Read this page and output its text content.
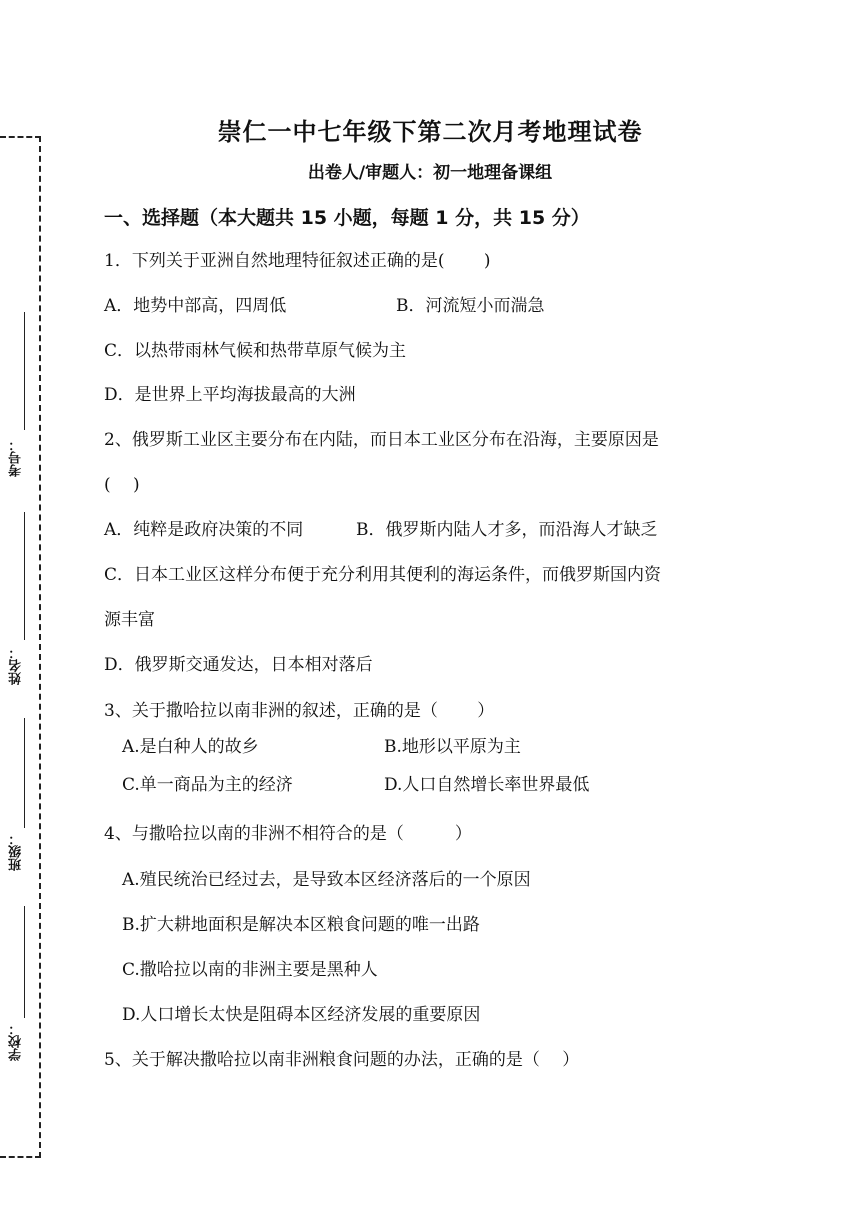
考号：
姓名：
班级：
学校：
崇仁一中七年级下第二次月考地理试卷
出卷人/审题人：初一地理备课组
一、选择题（本大题共 15 小题，每题 1 分，共 15 分）
1．下列关于亚洲自然地理特征叙述正确的是(　　 )
A．地势中部高，四周低	B．河流短小而湍急
C．以热带雨林气候和热带草原气候为主
D．是世界上平均海拔最高的大洲
2、俄罗斯工业区主要分布在内陆，而日本工业区分布在沿海，主要原因是
(　 )
A．纯粹是政府决策的不同	B．俄罗斯内陆人才多，而沿海人才缺乏
C．日本工业区这样分布便于充分利用其便利的海运条件，而俄罗斯国内资
源丰富
D．俄罗斯交通发达，日本相对落后
3、关于撒哈拉以南非洲的叙述，正确的是（　　 ）
A.是白种人的故乡	B.地形以平原为主
C.单一商品为主的经济	D.人口自然增长率世界最低
4、与撒哈拉以南的非洲不相符合的是（　　　）
A.殖民统治已经过去，是导致本区经济落后的一个原因
B.扩大耕地面积是解决本区粮食问题的唯一出路
C.撒哈拉以南的非洲主要是黑种人
D.人口增长太快是阻碍本区经济发展的重要原因
5、关于解决撒哈拉以南非洲粮食问题的办法，正确的是（　 ）
